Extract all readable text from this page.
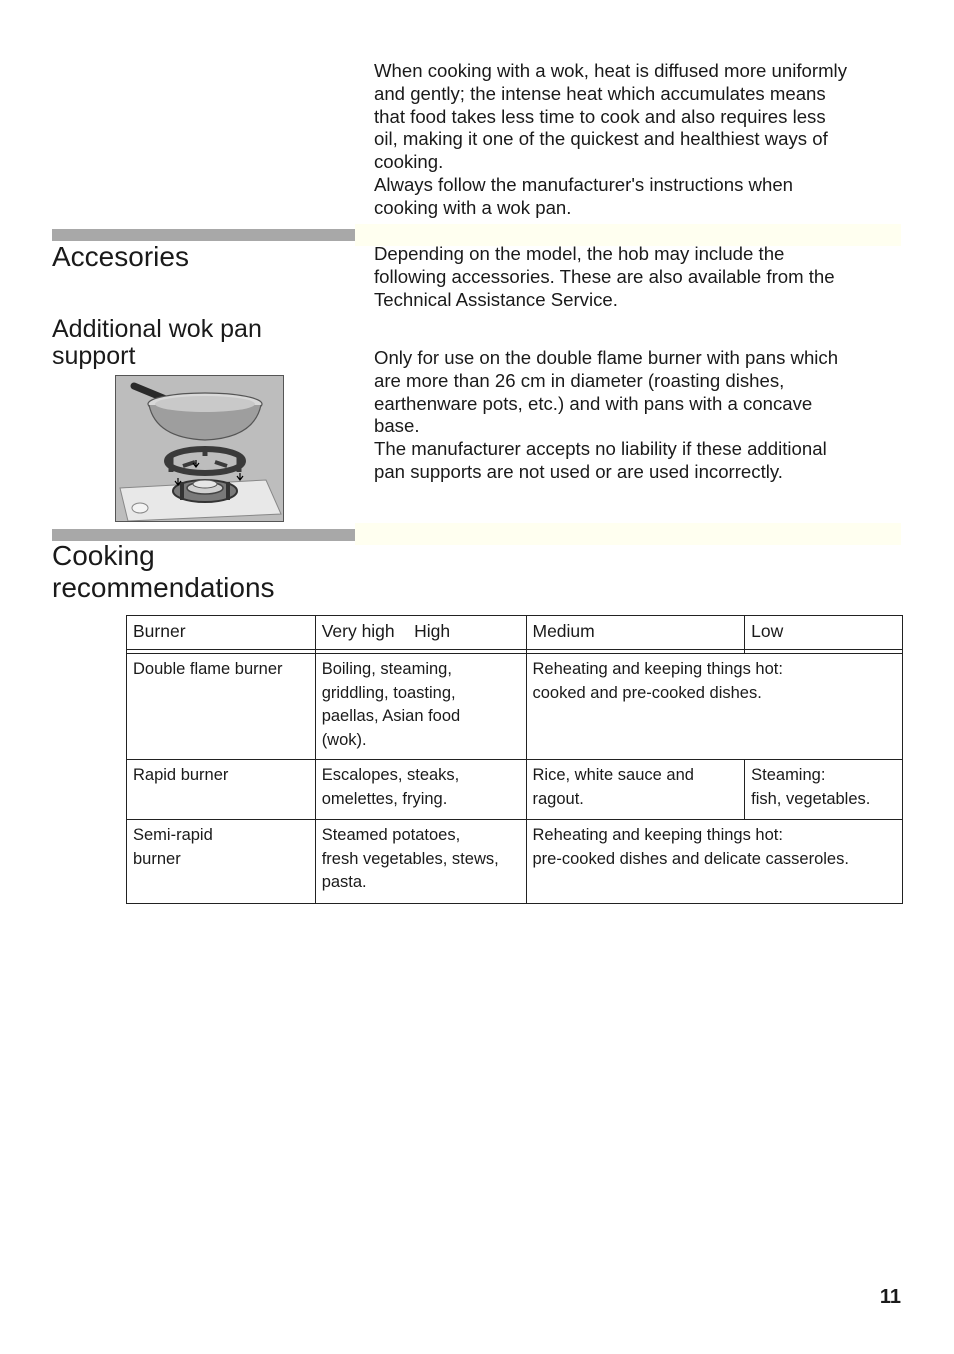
When cooking with a wok, heat is diffused more uniformly
and gently; the intense heat which accumulates means
that food takes less time to cook and also requires less
oil, making it one of the quickest and healthiest ways of
cooking.
Always follow the manufacturer's instructions when
cooking with a wok pan.

Accesories	Depending on the model, the hob may include the
following accessories. These are also available from the
Technical Assistance Service.

Additional wok pan
support	Only for use on the double flame burner with pans which
are more than 26 cm in diameter (roasting dishes,
earthenware pots, etc.) and with pans with a concave
base.
The manufacturer accepts no liability if these additional
pan supports are not used or are used incorrectly.

Cooking
recommendations
Burner	Very high    High	Medium	Low

Double flame burner	Boiling, steaming,
griddling, toasting,
paellas, Asian food
(wok).	Reheating and keeping things hot:
cooked and pre-cooked dishes.	
Rapid burner	Escalopes, steaks,
omelettes, frying.	Rice, white sauce and
ragout.	Steaming:
fish, vegetables.
Semi-rapid
burner	Steamed potatoes,
fresh vegetables, stews,
pasta.	Reheating and keeping things hot:
pre-cooked dishes and delicate casseroles.	
11
